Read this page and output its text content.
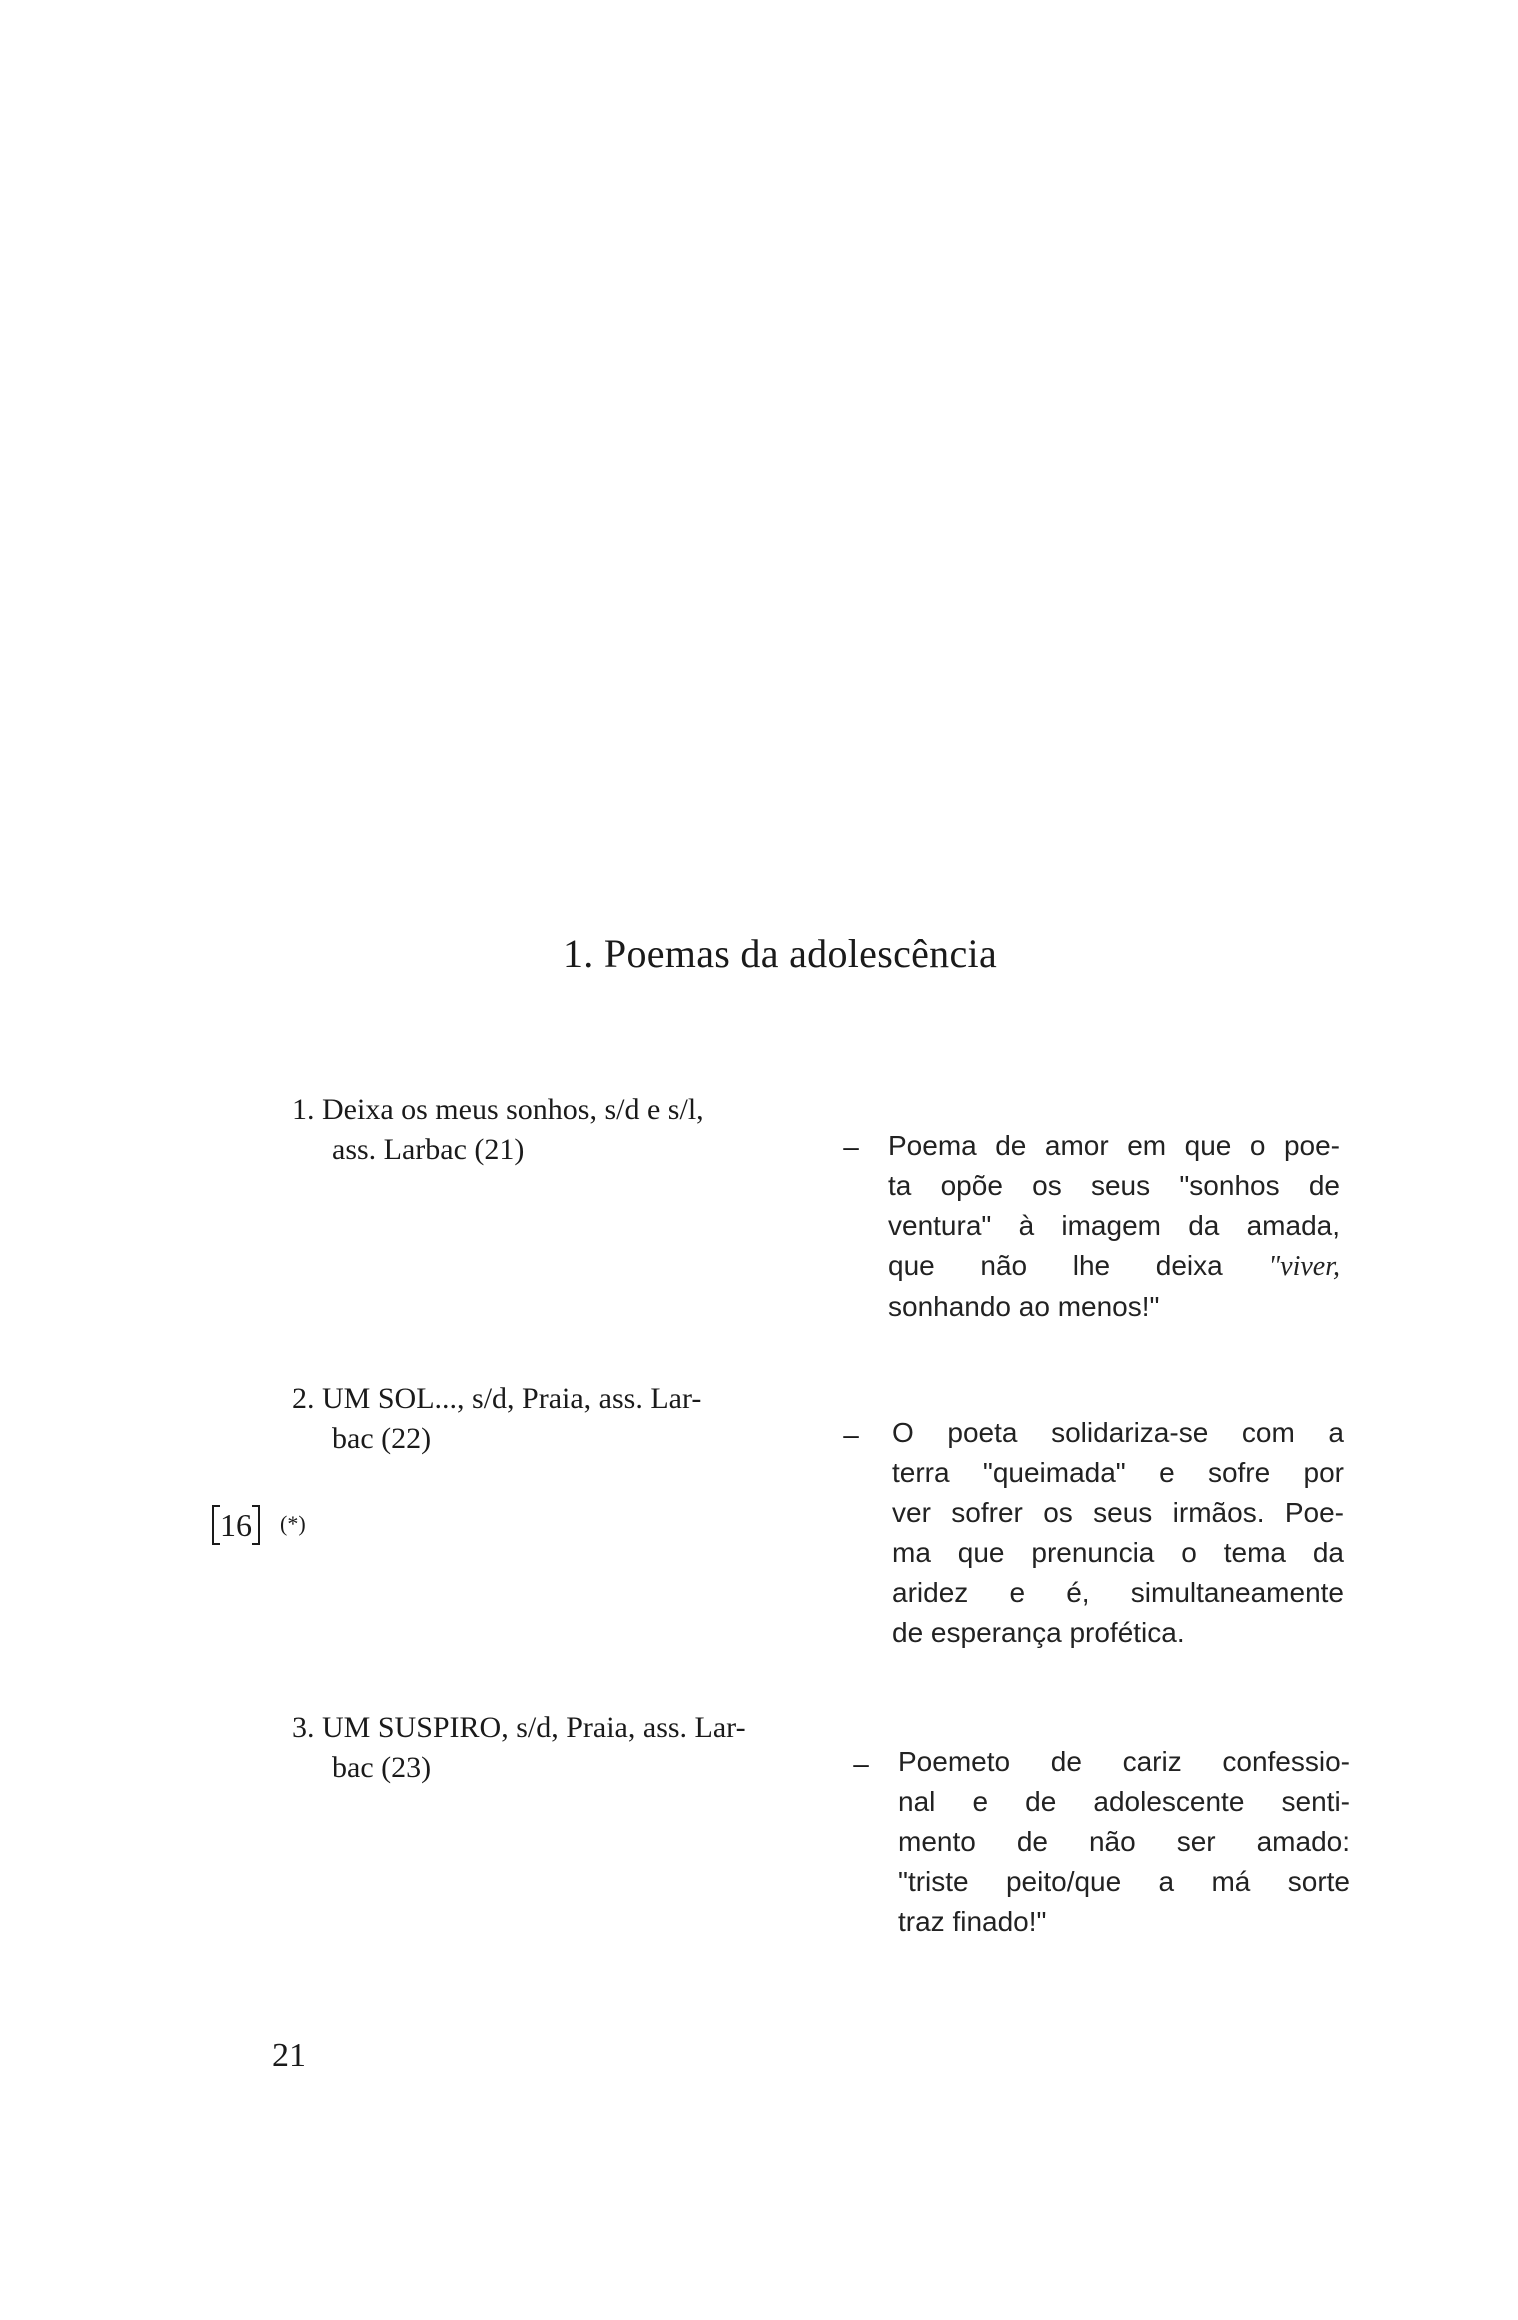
1. Poemas da adolescência
1. Deixa os meus sonhos, s/d e s/l,
ass. Larbac (21)	– Poema de amor em que o poe-
ta opõe os seus "sonhos de
ventura" à imagem da amada,
que não lhe deixa "viver,
sonhando ao menos!"
2. UM SOL..., s/d, Praia, ass. Lar-
bac (22)	– O poeta solidariza-se com a
terra "queimada" e sofre por
ver sofrer os seus irmãos. Poe-
ma que prenuncia o tema da
aridez e é, simultaneamente
de esperança profética.
16	(*)
3. UM SUSPIRO, s/d, Praia, ass. Lar-
bac (23)	– Poemeto de cariz confessio-
nal e de adolescente senti-
mento de não ser amado:
"triste peito/que a má sorte
traz finado!"
21
